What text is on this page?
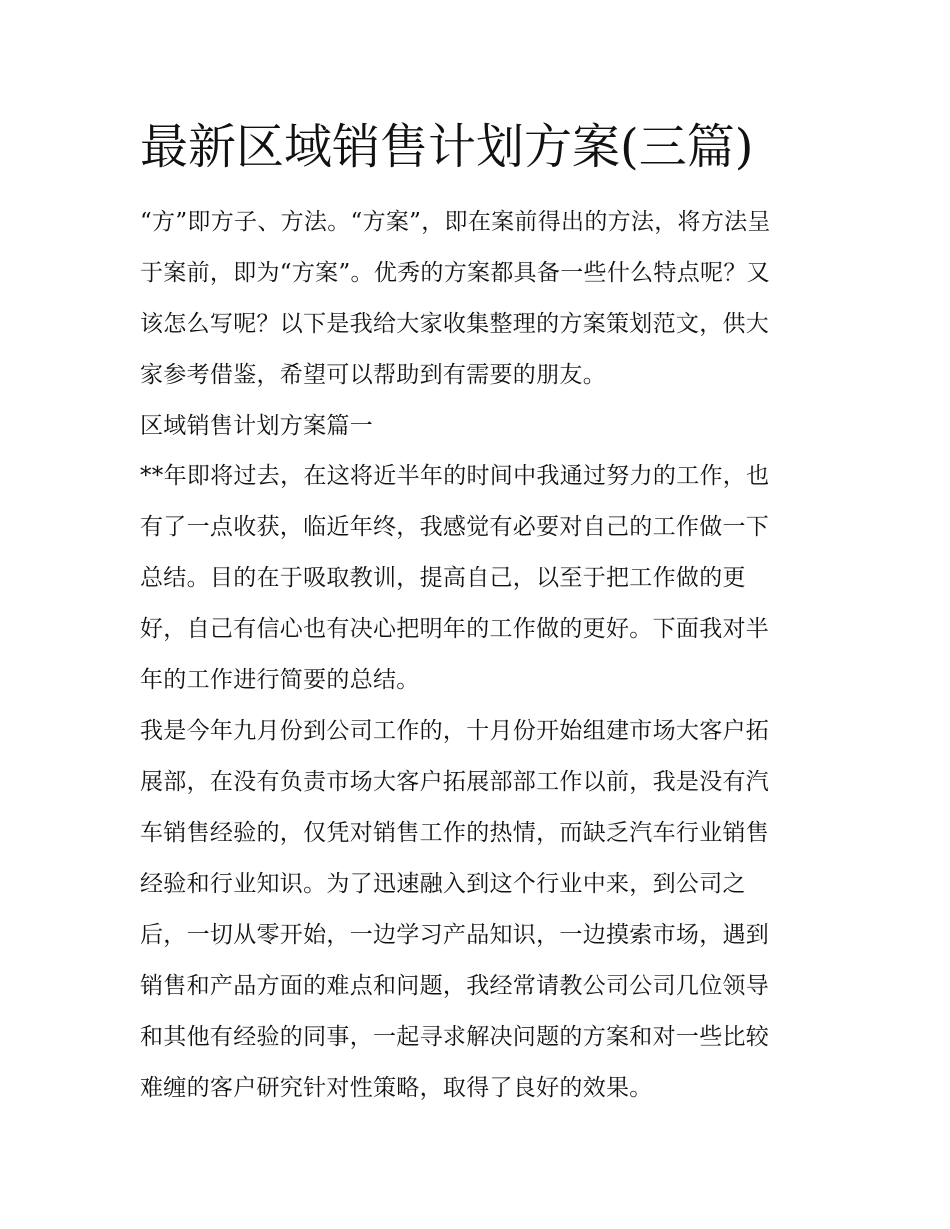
最新区域销售计划方案(三篇)

“方”即方子、方法。“方案”，即在案前得出的方法，将方法呈

于案前，即为“方案”。优秀的方案都具备一些什么特点呢？又

该怎么写呢？以下是我给大家收集整理的方案策划范文，供大

家参考借鉴，希望可以帮助到有需要的朋友。

区域销售计划方案篇一

**年即将过去，在这将近半年的时间中我通过努力的工作，也

有了一点收获，临近年终，我感觉有必要对自己的工作做一下

总结。目的在于吸取教训，提高自己，以至于把工作做的更

好，自己有信心也有决心把明年的工作做的更好。下面我对半

年的工作进行简要的总结。

我是今年九月份到公司工作的，十月份开始组建市场大客户拓

展部，在没有负责市场大客户拓展部部工作以前，我是没有汽

车销售经验的，仅凭对销售工作的热情，而缺乏汽车行业销售

经验和行业知识。为了迅速融入到这个行业中来，到公司之

后，一切从零开始，一边学习产品知识，一边摸索市场，遇到

销售和产品方面的难点和问题，我经常请教公司公司几位领导

和其他有经验的同事，一起寻求解决问题的方案和对一些比较

难缠的客户研究针对性策略，取得了良好的效果。
